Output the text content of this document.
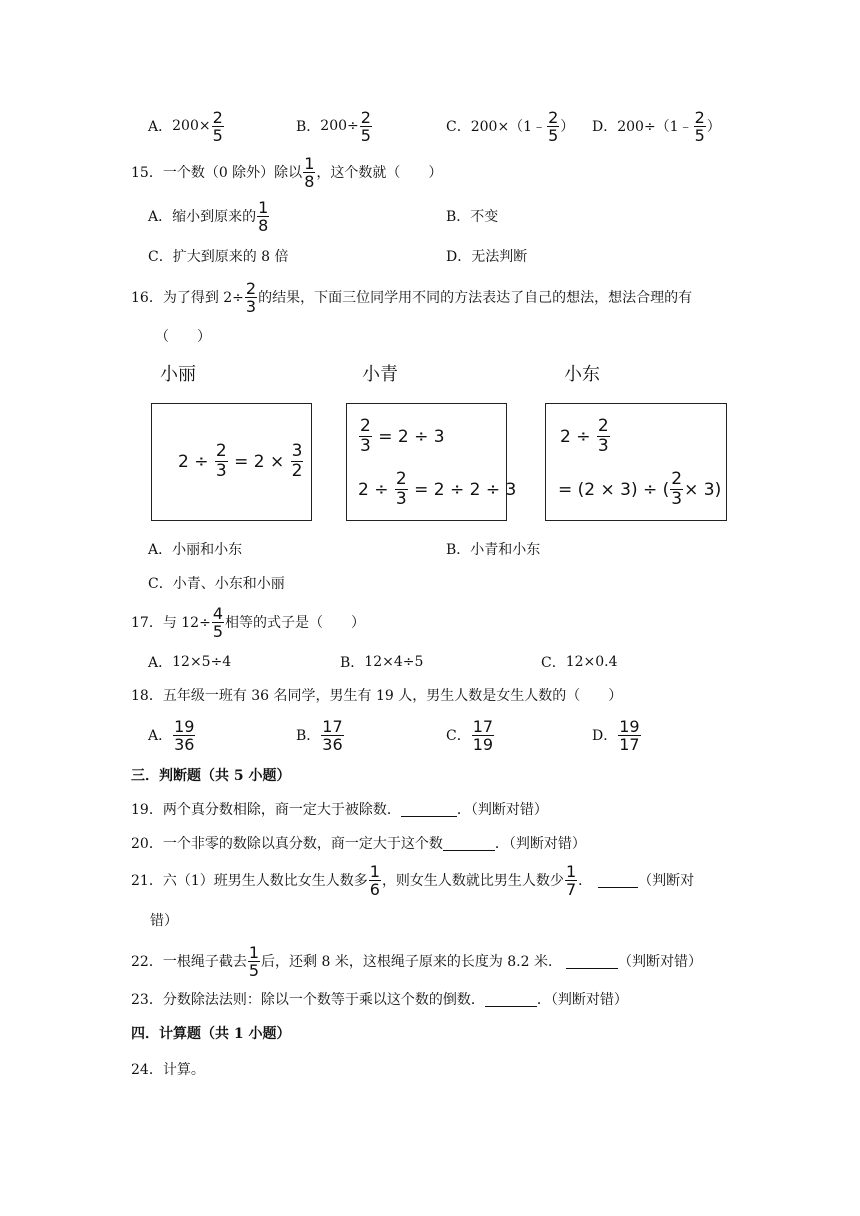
A． $200\times \frac{2}{5}$	B． $200\div \frac{2}{5}$	C． 200×（1﹣ $\frac{2}{5}$ ） D． 200÷（1﹣ $\frac{2}{5}$ ）
15． 一个数（0 除外）除以 $\frac{1}{8}$ ，这个数就（　　）
A． 缩小到原来的 $\frac{1}{8}$	B． 不变
C． 扩大到原来的 8 倍	D． 无法判断
16． 为了得到 $2\div \frac{2}{3}$ 的结果，下面三位同学用不同的方法表达了自己的想法，想法合理的有
（　　）
小丽	小青	小东
2 ÷
$\frac{2}{3}$
= 2 ×
$\frac{3}{2}$
$\frac{2}{3}$
= 2 ÷ 3
2 ÷
$\frac{2}{3}$
= 2 ÷ 2 ÷ 3
2 ÷
$\frac{2}{3}$
= (2 × 3) ÷ ( $\frac{2}{3} \times 3$)
A． 小丽和小东	B． 小青和小东
C． 小青、小东和小丽
17． 与 $12\div \frac{4}{5}$ 相等的式子是（　　）
A． 12×5÷4	B． 12×4÷5	C． 12×0.4
18． 五年级一班有 36 名同学，男生有 19 人，男生人数是女生人数的（　　）
A． $\frac{19}{36}$	B． $\frac{17}{36}$	C． $\frac{17}{19}$	D． $\frac{19}{17}$
三．判断题（共 5 小题）
19． 两个真分数相除，商一定大于被除数．	．（判断对错）
20． 一个非零的数除以真分数，商一定大于这个数	．（判断对错）
21． 六（1）班男生人数比女生人数多 $\frac{1}{6}$ ，则女生人数就比男生人数少 $\frac{1}{7}$ ．	（判断对
错）
22． 一根绳子截去 $\frac{1}{5}$ 后，还剩 8 米，这根绳子原来的长度为 8.2 米．	（判断对错）
23． 分数除法法则：除以一个数等于乘以这个数的倒数．	．（判断对错）
四．计算题（共 1 小题）
24． 计算。
